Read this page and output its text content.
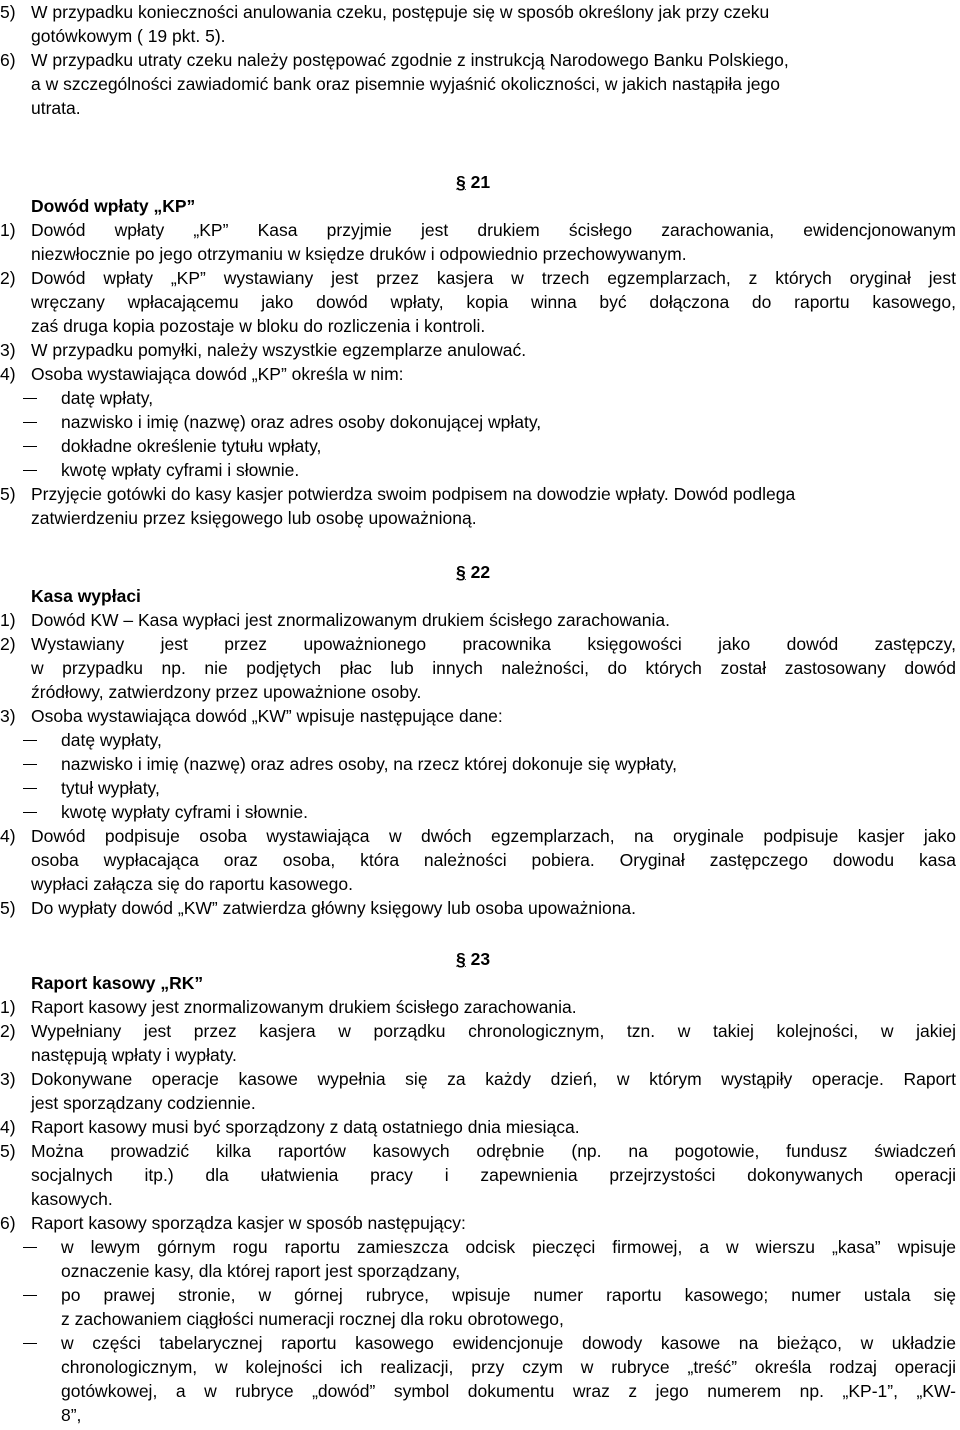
5) W przypadku konieczności anulowania czeku, postępuje się w sposób określony jak przy czeku
gotówkowym ( 19 pkt. 5).
6) W przypadku utraty czeku należy postępować zgodnie z instrukcją Narodowego Banku Polskiego,
a w szczególności zawiadomić bank oraz pisemnie wyjaśnić okoliczności, w jakich nastąpiła jego
utrata.
§ 21
Dowód wpłaty „KP”
1) Dowód wpłaty „KP” Kasa przyjmie jest drukiem ścisłego zarachowania, ewidencjonowanym
niezwłocznie po jego otrzymaniu w księdze druków i odpowiednio przechowywanym.
2) Dowód wpłaty „KP” wystawiany jest przez kasjera w trzech egzemplarzach, z których oryginał jest
wręczany wpłacającemu jako dowód wpłaty, kopia winna być dołączona do raportu kasowego,
zaś druga kopia pozostaje w bloku do rozliczenia i kontroli.
3) W przypadku pomyłki, należy wszystkie egzemplarze anulować.
4) Osoba wystawiająca dowód „KP” określa w nim:
datę wpłaty,
nazwisko i imię (nazwę) oraz adres osoby dokonującej wpłaty,
dokładne określenie tytułu wpłaty,
kwotę wpłaty cyframi i słownie.
5) Przyjęcie gotówki do kasy kasjer potwierdza swoim podpisem na dowodzie wpłaty. Dowód podlega
zatwierdzeniu przez księgowego lub osobę upoważnioną.
§ 22
Kasa wypłaci
1) Dowód KW – Kasa wypłaci jest znormalizowanym drukiem ścisłego zarachowania.
2) Wystawiany jest przez upoważnionego pracownika księgowości jako dowód zastępczy,
w przypadku np. nie podjętych płac lub innych należności, do których został zastosowany dowód
źródłowy, zatwierdzony przez upoważnione osoby.
3) Osoba wystawiająca dowód „KW” wpisuje następujące dane:
datę wypłaty,
nazwisko i imię (nazwę) oraz adres osoby, na rzecz której dokonuje się wypłaty,
tytuł wypłaty,
kwotę wypłaty cyframi i słownie.
4) Dowód podpisuje osoba wystawiająca w dwóch egzemplarzach, na oryginale podpisuje kasjer jako
osoba wypłacająca oraz osoba, która należności pobiera. Oryginał zastępczego dowodu kasa
wypłaci załącza się do raportu kasowego.
5) Do wypłaty dowód „KW” zatwierdza główny księgowy lub osoba upoważniona.
§ 23
Raport kasowy „RK”
1) Raport kasowy jest znormalizowanym drukiem ścisłego zarachowania.
2) Wypełniany jest przez kasjera w porządku chronologicznym, tzn. w takiej kolejności, w jakiej
następują wpłaty i wypłaty.
3) Dokonywane operacje kasowe wypełnia się za każdy dzień, w którym wystąpiły operacje. Raport
jest sporządzany codziennie.
4) Raport kasowy musi być sporządzony z datą ostatniego dnia miesiąca.
5) Można prowadzić kilka raportów kasowych odrębnie (np. na pogotowie, fundusz świadczeń
socjalnych itp.) dla ułatwienia pracy i zapewnienia przejrzystości dokonywanych operacji
kasowych.
6) Raport kasowy sporządza kasjer w sposób następujący:
w lewym górnym rogu raportu zamieszcza odcisk pieczęci firmowej, a w wierszu „kasa” wpisuje
oznaczenie kasy, dla której raport jest sporządzany,
po prawej stronie, w górnej rubryce, wpisuje numer raportu kasowego; numer ustala się
z zachowaniem ciągłości numeracji rocznej dla roku obrotowego,
w części tabelarycznej raportu kasowego ewidencjonuje dowody kasowe na bieżąco, w układzie
chronologicznym, w kolejności ich realizacji, przy czym w rubryce „treść” określa rodzaj operacji
gotówkowej, a w rubryce „dowód” symbol dokumentu wraz z jego numerem np. „KP-1”, „KW-
8”,
